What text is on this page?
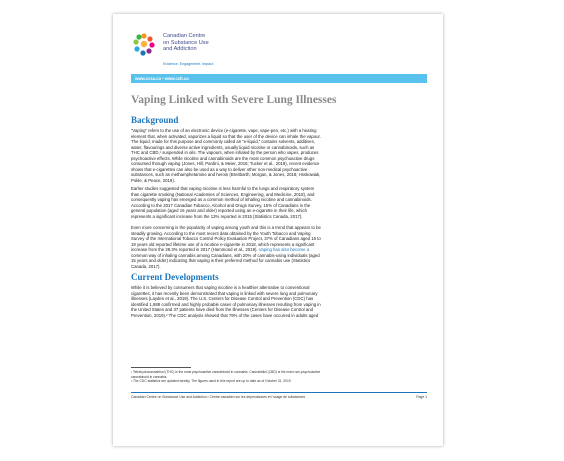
Canadian Centre
on Substance Use
and Addiction
Evidence. Engagement. Impact.
www.ccsa.ca • www.cclt.ca
Vaping Linked with Severe Lung Illnesses
Background
“Vaping” refers to the use of an electronic device (e-cigarette, vape, vape-pen, etc.) with a heating
element that, when activated, vaporizes a liquid so that the user of the device can inhale the vapour.
The liquid, made for this purpose and commonly called an “e-liquid,” contains solvents, additives,
water, flavourings and diverse active ingredients, usually liquid nicotine or cannabinoids, such as
THC and CBD,¹ suspended in oils. The vapours, when inhaled by the person who vapes, produces
psychoactive effects. While nicotine and cannabinoids are the most common psychoactive drugs
consumed through vaping (Jones, Hill, Pardini, & Meier, 2016; Tucker et al., 2018), recent evidence
shows that e-cigarettes can also be used as a way to deliver other non-medical psychoactive
substances, such as methamphetamine and heroin (Breitbarth, Morgan, & Jones, 2018; Hsskowiak,
Pokle, & Peace, 2019).
Earlier studies suggested that vaping nicotine is less harmful to the lungs and respiratory system
than cigarette smoking (National Academies of Sciences, Engineering, and Medicine, 2018), and
consequently vaping has emerged as a common method of inhaling nicotine and cannabinoids.
According to the 2017 Canadian Tobacco, Alcohol and Drugs Survey, 15% of Canadians in the
general population (aged 15 years and older) reported using an e-cigarette in their life, which
represents a significant increase from the 13% reported in 2015 (Statistics Canada, 2017).
Even more concerning is the popularity of vaping among youth and this is a trend that appears to be
steadily growing. According to the most recent data obtained by the Youth Tobacco and Vaping
Survey of the International Tobacco Control Policy Evaluation Project, 37% of Canadians aged 16 to
19 years old reported lifetime use of a nicotine e-cigarette in 2018, which represents a significant
increase from the 29.3% reported in 2017 (Hammond et al., 2019). Vaping has also become a
common way of inhaling cannabis among Canadians, with 20% of cannabis-using individuals (aged
15 years and older) indicating that vaping is their preferred method for cannabis use (Statistics
Canada, 2017).
Current Developments
While it is believed by consumers that vaping nicotine is a healthier alternative to conventional
cigarettes, it has recently been demonstrated that vaping is linked with severe lung and pulmonary
illnesses (Layden et al., 2019). The U.S. Centers for Disease Control and Prevention (CDC) has
identified 1,888 confirmed and highly probable cases of pulmonary illnesses resulting from vaping in
the United States and 37 patients have died from the illnesses (Centers for Disease Control and
Prevention, 2019).² The CDC analysis showed that 79% of the cases have occurred in adults aged
¹ Tetrahydrocannabinol (THC) is the most psychoactive cannabinoid in cannabis. Cannabidiol (CBD) is the main non-psychoactive
cannabinoid in cannabis.
² The CDC statistics are updated weekly. The figures used in this report are up to date as of October 31, 2019.
Canadian Centre on Substance Use and Addiction • Centre canadien sur les dépendances et l’usage de substances	Page 1
